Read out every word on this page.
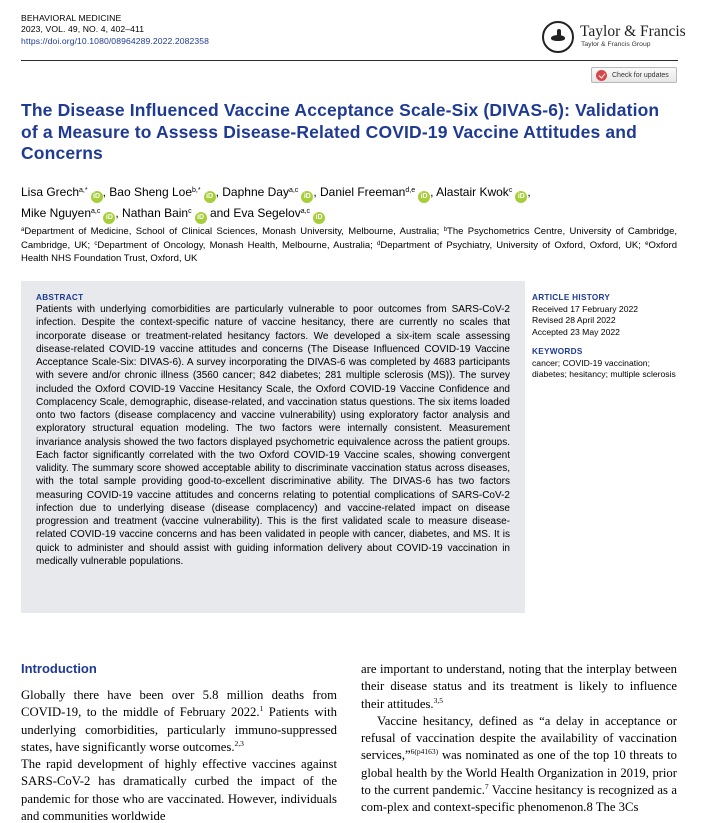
BEHAVIORAL MEDICINE
2023, VOL. 49, NO. 4, 402–411
https://doi.org/10.1080/08964289.2022.2082358
Taylor & Francis
Taylor & Francis Group
Check for updates
The Disease Influenced Vaccine Acceptance Scale-Six (DIVAS-6): Validation of a Measure to Assess Disease-Related COVID-19 Vaccine Attitudes and Concerns
Lisa Grech$^{a,*}$iD , Bao Sheng Loe$^{b,*}$iD , Daphne Day$^{a,c}$iD , Daniel Freeman$^{d,e}$iD , Alastair Kwok$^c$iD ,
Mike Nguyen$^{a,c}$iD , Nathan Bain$^c$iD and Eva Segelov$^{a,c}$iD
$^a$Department of Medicine, School of Clinical Sciences, Monash University, Melbourne, Australia; $^b$The Psychometrics Centre, University of Cambridge, Cambridge, UK; $^c$Department of Oncology, Monash Health, Melbourne, Australia; $^d$Department of Psychiatry, University of Oxford, Oxford, UK; $^e$Oxford Health NHS Foundation Trust, Oxford, UK
ABSTRACT

Patients with underlying comorbidities are particularly vulnerable to poor outcomes from SARS-CoV-2 infection. Despite the context-specific nature of vaccine hesitancy, there are currently no scales that incorporate disease or treatment-related hesitancy factors. We developed a six-item scale assessing disease-related COVID-19 vaccine attitudes and concerns (The Disease Influenced COVID-19 Vaccine Acceptance Scale-Six: DIVAS-6). A survey incorporating the DIVAS-6 was completed by 4683 participants with severe and/or chronic illness (3560 cancer; 842 diabetes; 281 multiple sclerosis (MS)). The survey included the Oxford COVID-19 Vaccine Hesitancy Scale, the Oxford COVID-19 Vaccine Confidence and Complacency Scale, demographic, disease-related, and vaccination status questions. The six items loaded onto two factors (disease complacency and vaccine vulnerability) using exploratory factor analysis and exploratory structural equation modeling. The two factors were internally consistent. Measurement invariance analysis showed the two factors displayed psychometric equivalence across the patient groups. Each factor significantly correlated with the two Oxford COVID-19 Vaccine scales, showing convergent validity. The summary score showed acceptable ability to discriminate vaccination status across diseases, with the total sample providing good-to-excellent discriminative ability. The DIVAS-6 has two factors measuring COVID-19 vaccine attitudes and concerns relating to potential complications of SARS-CoV-2 infection due to underlying disease (disease complacency) and vaccine-related impact on disease progression and treatment (vaccine vulnerability). This is the first validated scale to measure disease-related COVID-19 vaccine concerns and has been validated in people with cancer, diabetes, and MS. It is quick to administer and should assist with guiding information delivery about COVID-19 vaccination in medically vulnerable populations.

ARTICLE HISTORY
Received 17 February 2022
Revised 28 April 2022
Accepted 23 May 2022
KEYWORDS
cancer; COVID-19 vaccination; diabetes; hesitancy; multiple sclerosis
Introduction

Globally there have been over 5.8 million deaths from COVID-19, to the middle of February 2022.$^1$ Patients with underlying comorbidities, particularly immuno-suppressed states, have significantly worse outcomes.$^{2,3}$

The rapid development of highly effective vaccines against SARS-CoV-2 has dramatically curbed the impact of the pandemic for those who are vaccinated. However, individuals and communities worldwide

are important to understand, noting that the interplay between their disease status and its treatment is likely to influence their attitudes.$^{3,5}$

Vaccine hesitancy, defined as “a delay in acceptance or refusal of vaccination despite the availability of vaccination services,”$^{6(p4163)}$ was nominated as one of the top 10 threats to global health by the World Health Organization in 2019, prior to the current pandemic.$^7$ Vaccine hesitancy is recognized as a com-plex and context-specific phenomenon.8 The 3Cs
